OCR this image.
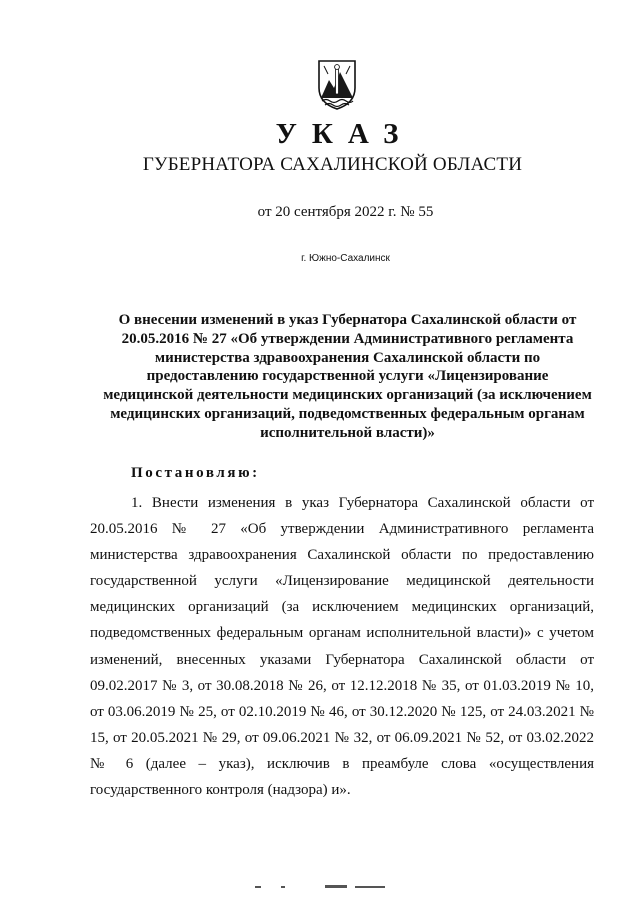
УКАЗ
ГУБЕРНАТОРА САХАЛИНСКОЙ ОБЛАСТИ
от 20 сентября 2022 г. № 55
г. Южно-Сахалинск
О внесении изменений в указ Губернатора Сахалинской области от 20.05.2016 № 27 «Об утверждении Административного регламента министерства здравоохранения Сахалинской области по предоставлению государственной услуги «Лицензирование медицинской деятельности медицинских организаций (за исключением медицинских организаций, подведомственных федеральным органам исполнительной власти)»
Постановляю:
1. Внести изменения в указ Губернатора Сахалинской области от 20.05.2016 № 27 «Об утверждении Административного регламента министерства здравоохранения Сахалинской области по предоставлению государственной услуги «Лицензирование медицинской деятельности медицинских организаций (за исключением медицинских организаций, подведомственных федеральным органам исполнительной власти)» с учетом изменений, внесенных указами Губернатора Сахалинской области от 09.02.2017 № 3, от 30.08.2018 № 26, от 12.12.2018 № 35, от 01.03.2019 № 10, от 03.06.2019 № 25, от 02.10.2019 № 46, от 30.12.2020 № 125, от 24.03.2021 № 15, от 20.05.2021 № 29, от 09.06.2021 № 32, от 06.09.2021 № 52, от 03.02.2022 № 6 (далее – указ), исключив в преамбуле слова «осуществления государственного контроля (надзора) и».
